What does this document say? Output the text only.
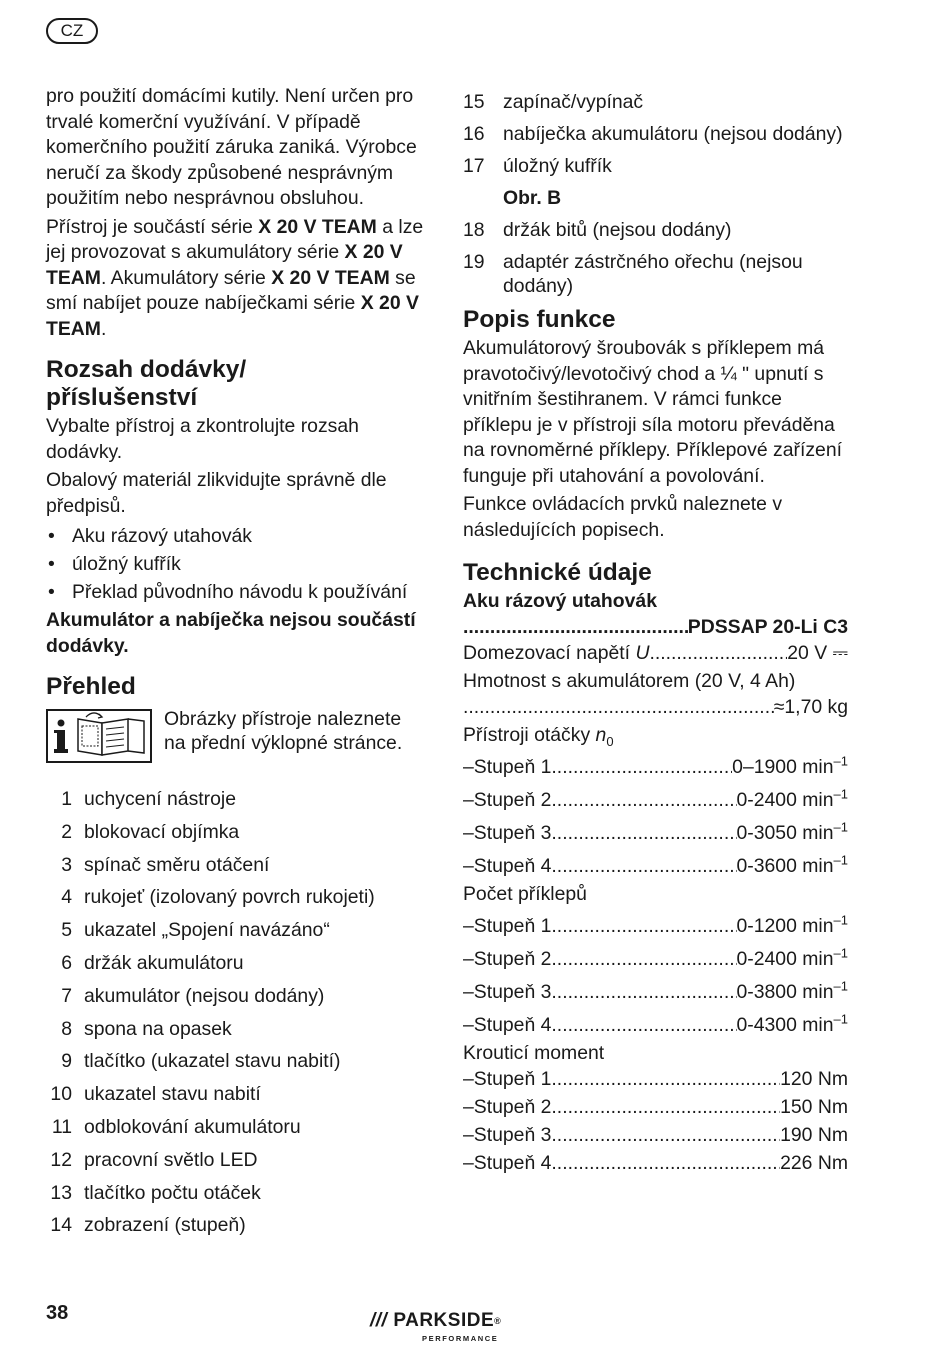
CZ

pro použití domácími kutily. Není určen pro trvalé komerční využívání. V případě komerčního použití záruka zaniká. Výrobce neručí za škody způsobené nesprávným použitím nebo nesprávnou obsluhou.

Přístroj je součástí série X 20 V TEAM a lze jej provozovat s akumulátory série X 20 V TEAM. Akumulátory série X 20 V TEAM se smí nabíjet pouze nabíječkami série X 20 V TEAM.

Rozsah dodávky/ příslušenství

Vybalte přístroj a zkontrolujte rozsah dodávky.

Obalový materiál zlikvidujte správně dle předpisů.

• Aku rázový utahovák
• úložný kufřík
• Překlad původního návodu k používání
Akumulátor a nabíječka nejsou součástí dodávky.
Přehled
Obrázky přístroje naleznete na přední výklopné stránce.
1 uchycení nástroje
2 blokovací objímka
3 spínač směru otáčení
4 rukojeť (izolovaný povrch rukojeti)
5 ukazatel „Spojení navázáno“
6 držák akumulátoru
7 akumulátor (nejsou dodány)
8 spona na opasek
9 tlačítko (ukazatel stavu nabití)
10 ukazatel stavu nabití
11 odblokování akumulátoru
12 pracovní světlo LED
13 tlačítko počtu otáček
14 zobrazení (stupeň)
15 zapínač/vypínač
16 nabíječka akumulátoru (nejsou dodány)
17 úložný kufřík
Obr. B
18 držák bitů (nejsou dodány)
19 adaptér zástrčného ořechu (nejsou dodány)
Popis funkce

Akumulátorový šroubovák s příklepem má pravotočivý/levotočivý chod a ¼ ʺ upnutí s vnitřním šestihranem. V rámci funkce příklepu je v přístroji síla motoru převáděna na rovnoměrné příklepy. Příklepové zařízení funguje při utahování a povolování.

Funkce ovládacích prvků naleznete v následujících popisech.

Technické údaje
Aku rázový utahovák
.....
PDSSAP 20-Li C3
Domezovací napětí U .....	20 V ⎓
Hmotnost s akumulátorem (20 V, 4 Ah)
.....
≈1,70 kg
Přístroji otáčky $n_0$
–Stupeň 1 .....	0–1900 $\min^{-1}$
–Stupeň 2 .....	0-2400 $\min^{-1}$
–Stupeň 3 .....	0-3050 $\min^{-1}$
–Stupeň 4 .....	0-3600 $\min^{-1}$
Počet příklepů
–Stupeň 1 .....	0-1200 $\min^{-1}$
–Stupeň 2 .....	0-2400 $\min^{-1}$
–Stupeň 3 .....	0-3800 $\min^{-1}$
–Stupeň 4 .....	0-4300 $\min^{-1}$
Krouticí moment
–Stupeň 1 .....	120 Nm
–Stupeň 2 .....	150 Nm
–Stupeň 3 .....	190 Nm
–Stupeň 4 .....	226 Nm
38	/// PARKSIDE ®
PERFORMANCE
